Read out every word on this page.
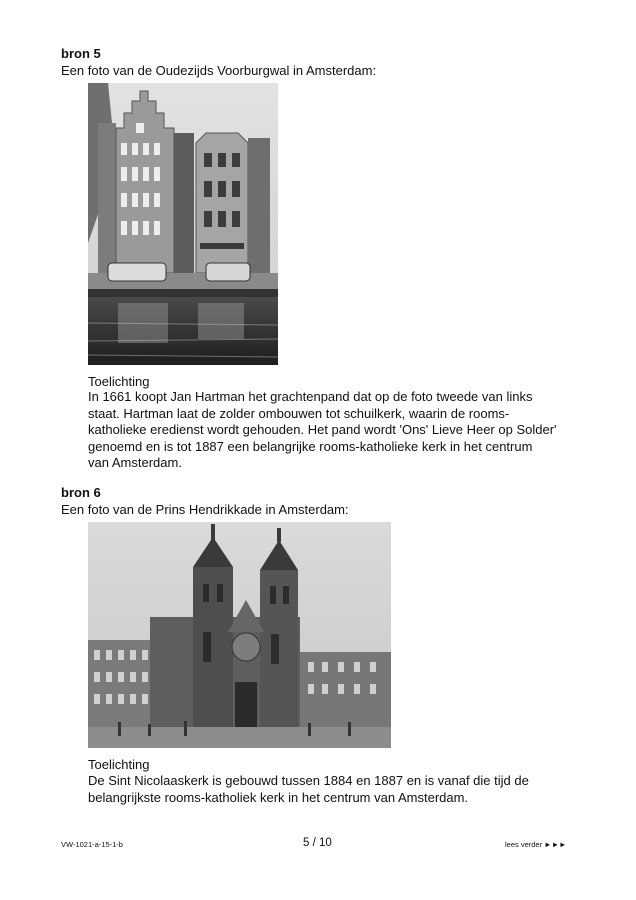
bron 5
Een foto van de Oudezijds Voorburgwal in Amsterdam:
Toelichting
In 1661 koopt Jan Hartman het grachtenpand dat op de foto tweede van links
staat. Hartman laat de zolder ombouwen tot schuilkerk, waarin de rooms-
katholieke eredienst wordt gehouden. Het pand wordt 'Ons' Lieve Heer op Solder'
genoemd en is tot 1887 een belangrijke rooms-katholieke kerk in het centrum
van Amsterdam.
bron 6
Een foto van de Prins Hendrikkade in Amsterdam:
Toelichting
De Sint Nicolaaskerk is gebouwd tussen 1884 en 1887 en is vanaf die tijd de
belangrijkste rooms-katholiek kerk in het centrum van Amsterdam.
VW-1021-a-15-1-b	5 / 10	lees verder ►►►
